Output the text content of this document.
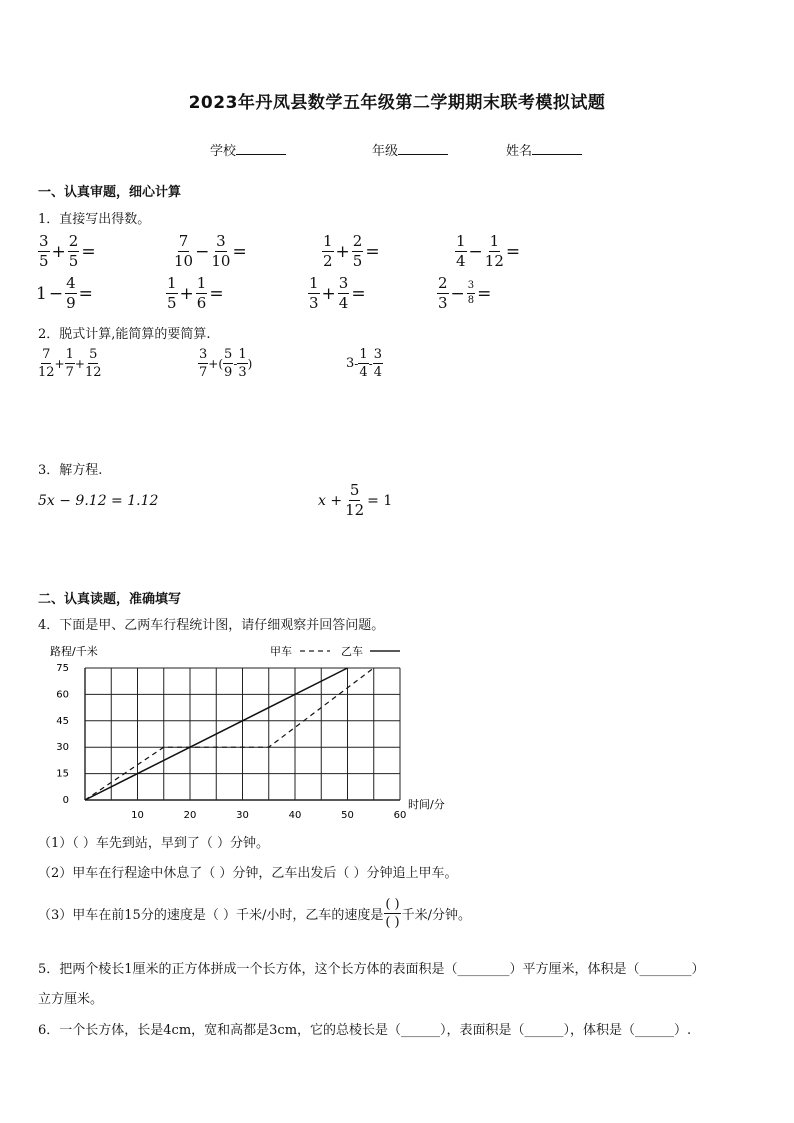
2023年丹凤县数学五年级第二学期期末联考模拟试题
学校	年级	姓名
一、认真审题，细心计算
1．直接写出得数。
$\frac{3}{5} + \frac{2}{5}$ =	$\frac{7}{10} - \frac{3}{10}$ =	$\frac{1}{2} + \frac{2}{5}$ =	$\frac{1}{4} - \frac{1}{12}$ =
$1 - \frac{4}{9}$ =	$\frac{1}{5} + \frac{1}{6}$ =	$\frac{1}{3} + \frac{3}{4}$ =	$\frac{2}{3} - \frac{3}{8}$ =
2．脱式计算,能简算的要简算.
$\frac{7}{12} + \frac{1}{7} + \frac{5}{12}$	$\frac{3}{7}$ +( $\frac{5}{9} - \frac{1}{3}$ )	$3 - \frac{1}{4} - \frac{3}{4}$
3．解方程.
5x − 9.12 = 1.12	$x + \frac{5}{12} = 1$
二、认真读题，准确填写
4．下面是甲、乙两车行程统计图，请仔细观察并回答问题。
0
15
30
45
60
75
10	20	30	40	50	60
路程/千米
时间/分
甲车	乙车
（1）（ ）车先到站，早到了（ ）分钟。
（2）甲车在行程途中休息了（ ）分钟，乙车出发后（ ）分钟追上甲车。
（3）甲车在前15分的速度是（ ）千米/小时，乙车的速度是 $\frac{( )}{( )}$ 千米/分钟。
5．把两个棱长1厘米的正方体拼成一个长方体，这个长方体的表面积是（________）平方厘米，体积是（________）
立方厘米。
6．一个长方体，长是4cm，宽和高都是3cm，它的总棱长是（______），表面积是（______），体积是（______）.
